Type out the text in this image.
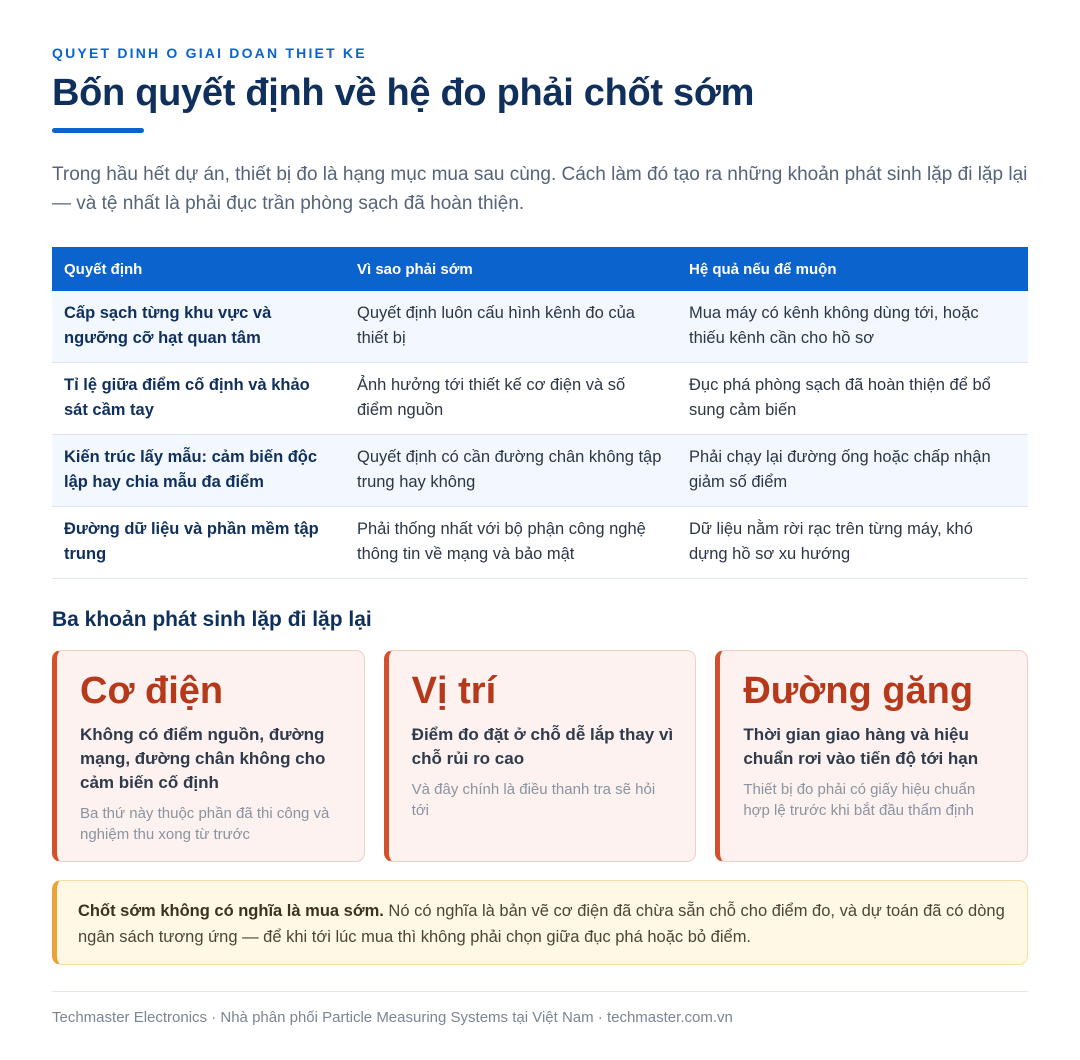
QUYET DINH O GIAI DOAN THIET KE
Bốn quyết định về hệ đo phải chốt sớm

Trong hầu hết dự án, thiết bị đo là hạng mục mua sau cùng. Cách làm đó tạo ra những khoản phát sinh lặp đi lặp lại — và tệ nhất là phải đục trần phòng sạch đã hoàn thiện.

Quyết định	Vì sao phải sớm	Hệ quả nếu để muộn
Cấp sạch từng khu vực và ngưỡng cỡ hạt quan tâm	Quyết định luôn cấu hình kênh đo của thiết bị	Mua máy có kênh không dùng tới, hoặc thiếu kênh cần cho hồ sơ
Tỉ lệ giữa điểm cố định và khảo sát cầm tay	Ảnh hưởng tới thiết kế cơ điện và số điểm nguồn	Đục phá phòng sạch đã hoàn thiện để bổ sung cảm biến
Kiến trúc lấy mẫu: cảm biến độc lập hay chia mẫu đa điểm	Quyết định có cần đường chân không tập trung hay không	Phải chạy lại đường ống hoặc chấp nhận giảm số điểm
Đường dữ liệu và phần mềm tập trung	Phải thống nhất với bộ phận công nghệ thông tin về mạng và bảo mật	Dữ liệu nằm rời rạc trên từng máy, khó dựng hồ sơ xu hướng
Ba khoản phát sinh lặp đi lặp lại
Cơ điện
Không có điểm nguồn, đường mạng, đường chân không cho cảm biến cố định
Ba thứ này thuộc phần đã thi công và nghiệm thu xong từ trước
Vị trí
Điểm đo đặt ở chỗ dễ lắp thay vì chỗ rủi ro cao
Và đây chính là điều thanh tra sẽ hỏi tới
Đường găng
Thời gian giao hàng và hiệu chuẩn rơi vào tiến độ tới hạn
Thiết bị đo phải có giấy hiệu chuẩn hợp lệ trước khi bắt đầu thẩm định
Chốt sớm không có nghĩa là mua sớm. Nó có nghĩa là bản vẽ cơ điện đã chừa sẵn chỗ cho điểm đo, và dự toán đã có dòng ngân sách tương ứng — để khi tới lúc mua thì không phải chọn giữa đục phá hoặc bỏ điểm.
Techmaster Electronics · Nhà phân phối Particle Measuring Systems tại Việt Nam · techmaster.com.vn
